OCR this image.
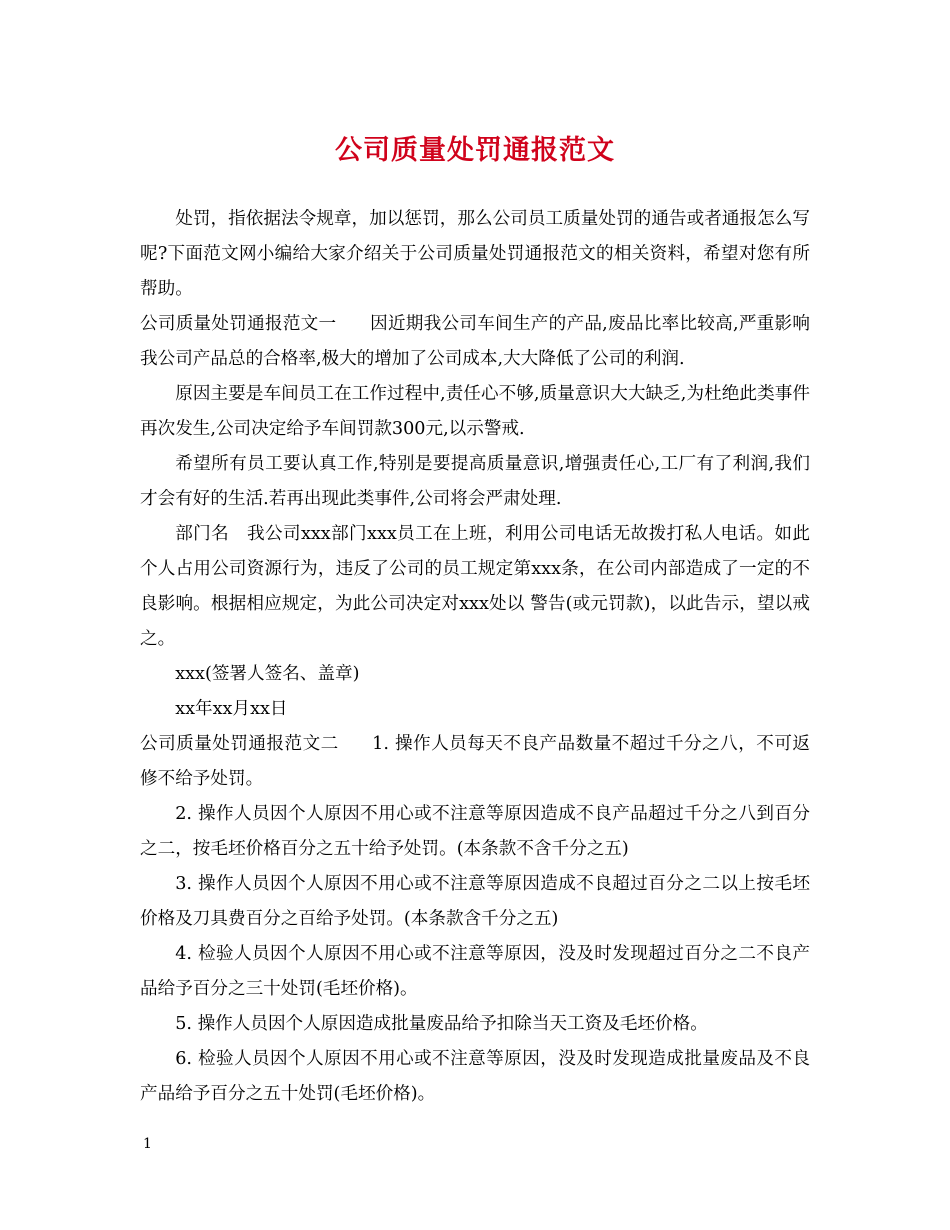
公司质量处罚通报范文

处罚，指依据法令规章，加以惩罚，那么公司员工质量处罚的通告或者通报怎么写呢?下面范文网小编给大家介绍关于公司质量处罚通报范文的相关资料，希望对您有所帮助。

公司质量处罚通报范文一 因近期我公司车间生产的产品,废品比率比较高,严重影响我公司产品总的合格率,极大的增加了公司成本,大大降低了公司的利润.

原因主要是车间员工在工作过程中,责任心不够,质量意识大大缺乏,为杜绝此类事件再次发生,公司决定给予车间罚款300元,以示警戒.

希望所有员工要认真工作,特别是要提高质量意识,增强责任心,工厂有了利润,我们才会有好的生活.若再出现此类事件,公司将会严肃处理.

部门名 我公司xxx部门xxx员工在上班，利用公司电话无故拨打私人电话。如此个人占用公司资源行为，违反了公司的员工规定第xxx条，在公司内部造成了一定的不良影响。根据相应规定，为此公司决定对xxx处以 警告(或元罚款)，以此告示，望以戒之。

xxx(签署人签名、盖章)

xx年xx月xx日

公司质量处罚通报范文二 1. 操作人员每天不良产品数量不超过千分之八，不可返修不给予处罚。

2. 操作人员因个人原因不用心或不注意等原因造成不良产品超过千分之八到百分之二，按毛坯价格百分之五十给予处罚。(本条款不含千分之五)

3. 操作人员因个人原因不用心或不注意等原因造成不良超过百分之二以上按毛坯价格及刀具费百分之百给予处罚。(本条款含千分之五)

4. 检验人员因个人原因不用心或不注意等原因，没及时发现超过百分之二不良产品给予百分之三十处罚(毛坯价格)。

5. 操作人员因个人原因造成批量废品给予扣除当天工资及毛坯价格。

6. 检验人员因个人原因不用心或不注意等原因，没及时发现造成批量废品及不良产品给予百分之五十处罚(毛坯价格)。

1
